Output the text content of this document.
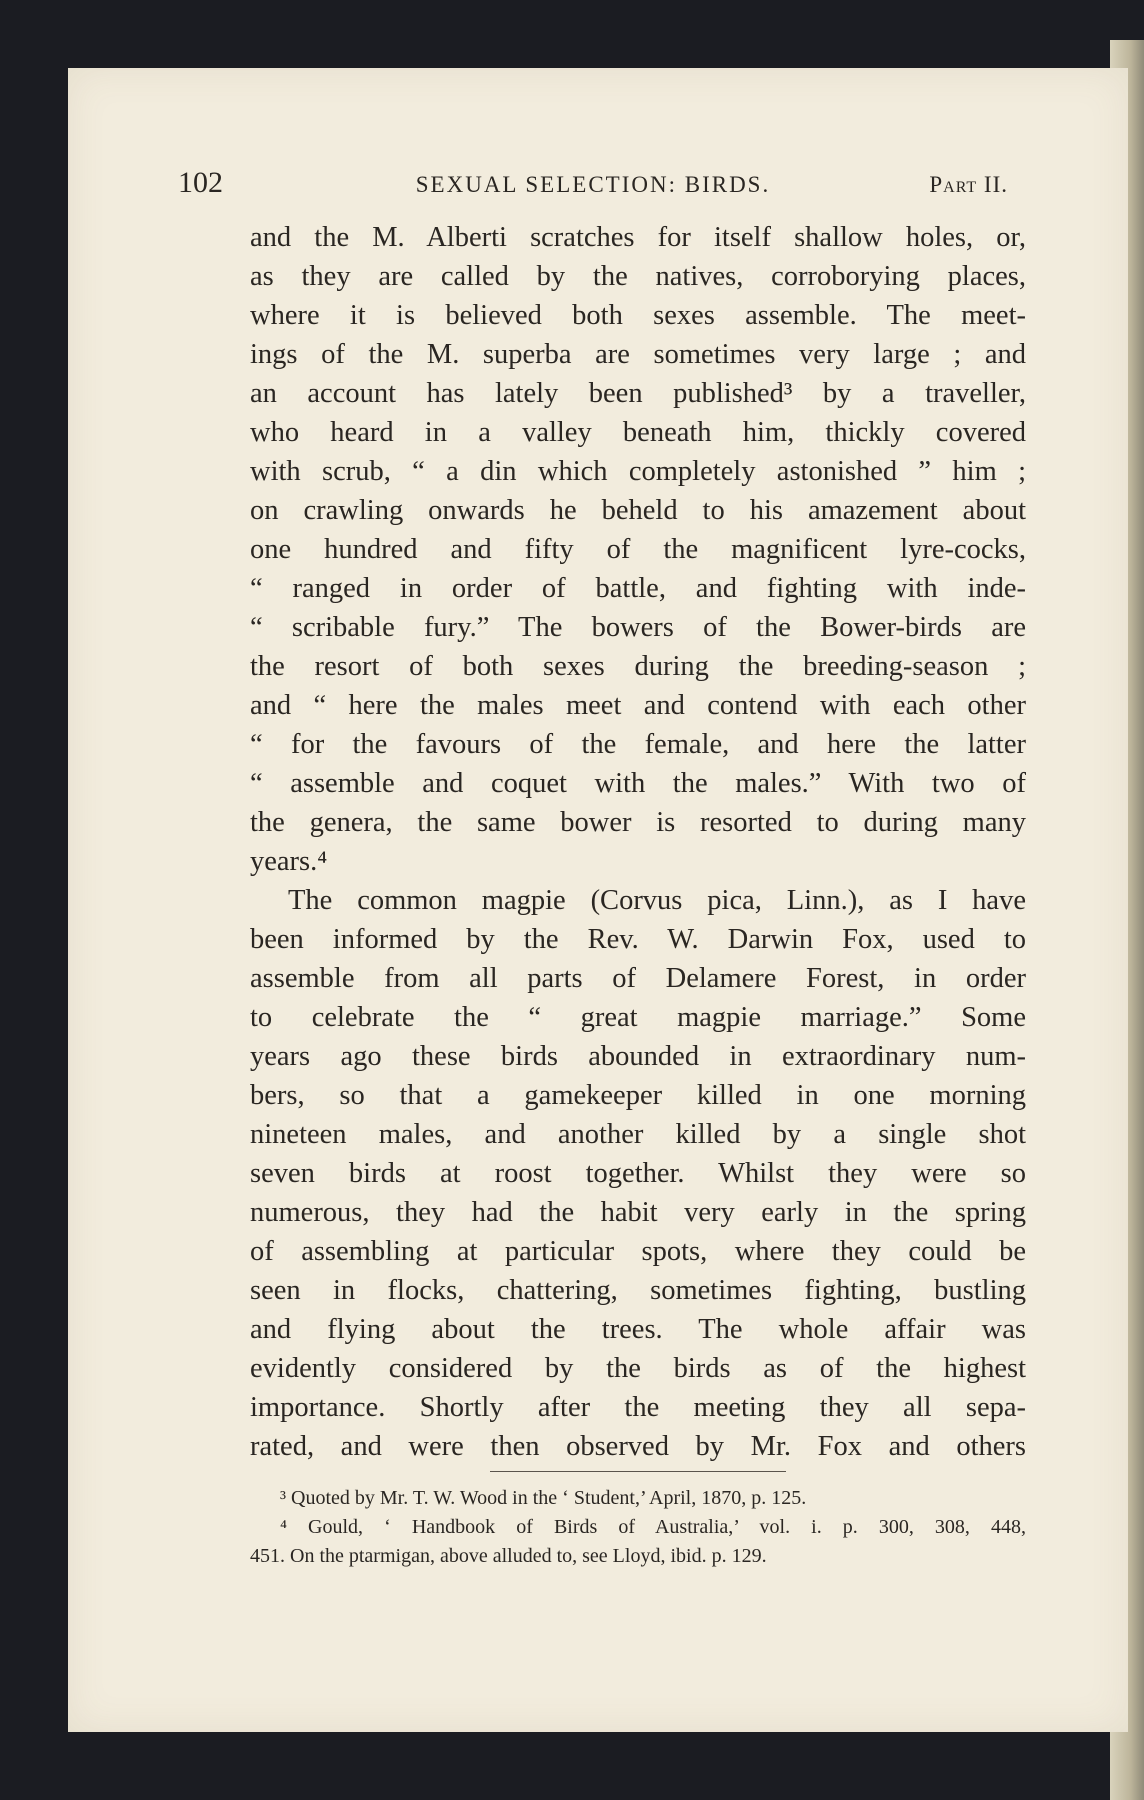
102	SEXUAL SELECTION: BIRDS.	Part II.
and the M. Alberti scratches for itself shallow holes, or,
as they are called by the natives, corroborying places,
where it is believed both sexes assemble. The meet-
ings of the M. superba are sometimes very large ; and
an account has lately been published³ by a traveller,
who heard in a valley beneath him, thickly covered
with scrub, “ a din which completely astonished ” him ;
on crawling onwards he beheld to his amazement about
one hundred and fifty of the magnificent lyre-cocks,
“ ranged in order of battle, and fighting with inde-
“ scribable fury.” The bowers of the Bower-birds are
the resort of both sexes during the breeding-season ;
and “ here the males meet and contend with each other
“ for the favours of the female, and here the latter
“ assemble and coquet with the males.” With two of
the genera, the same bower is resorted to during many
years.⁴
The common magpie (Corvus pica, Linn.), as I have
been informed by the Rev. W. Darwin Fox, used to
assemble from all parts of Delamere Forest, in order
to celebrate the “ great magpie marriage.” Some
years ago these birds abounded in extraordinary num-
bers, so that a gamekeeper killed in one morning
nineteen males, and another killed by a single shot
seven birds at roost together. Whilst they were so
numerous, they had the habit very early in the spring
of assembling at particular spots, where they could be
seen in flocks, chattering, sometimes fighting, bustling
and flying about the trees. The whole affair was
evidently considered by the birds as of the highest
importance. Shortly after the meeting they all sepa-
rated, and were then observed by Mr. Fox and others
³ Quoted by Mr. T. W. Wood in the ‘ Student,’ April, 1870, p. 125.
⁴ Gould, ‘ Handbook of Birds of Australia,’ vol. i. p. 300, 308, 448,
451. On the ptarmigan, above alluded to, see Lloyd, ibid. p. 129.
